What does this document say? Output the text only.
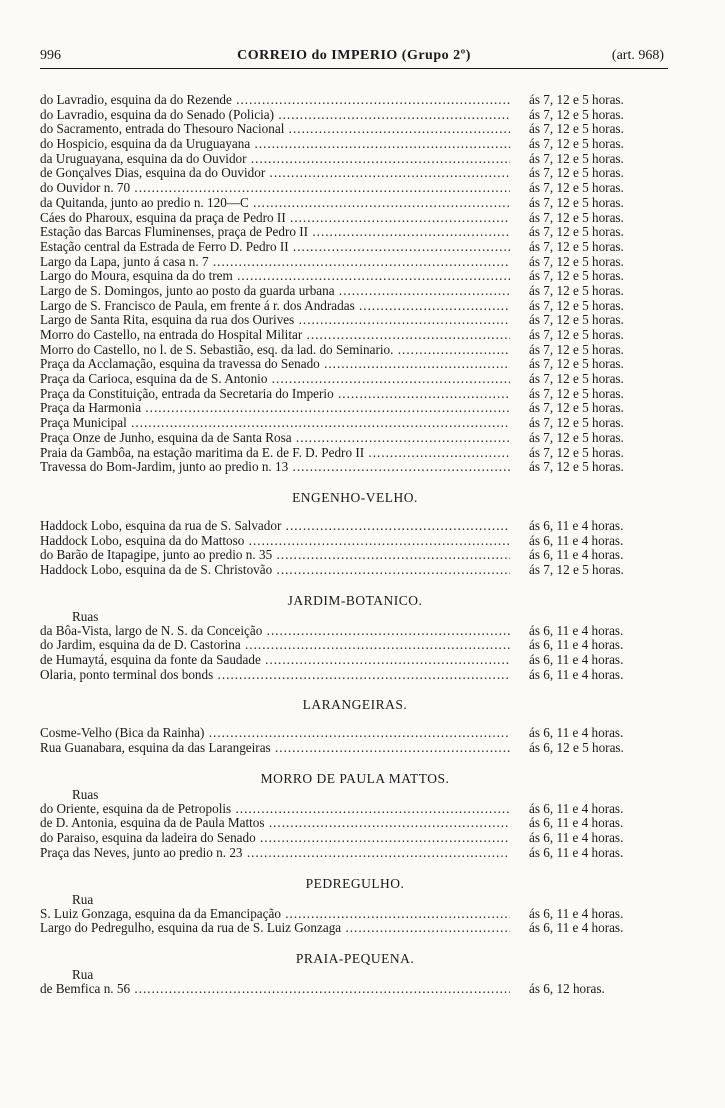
996	CORREIO do IMPERIO (Grupo 2º)	(art. 968)
do Lavradio, esquina da do Rezende .....	ás 7, 12 e 5 horas.
do Lavradio, esquina da do Senado (Policia) .....	ás 7, 12 e 5 horas.
do Sacramento, entrada do Thesouro Nacional .....	ás 7, 12 e 5 horas.
do Hospicio, esquina da da Uruguayana .....	ás 7, 12 e 5 horas.
da Uruguayana, esquina da do Ouvidor .....	ás 7, 12 e 5 horas.
de Gonçalves Dias, esquina da do Ouvidor .....	ás 7, 12 e 5 horas.
do Ouvidor n. 70 .....	ás 7, 12 e 5 horas.
da Quitanda, junto ao predio n. 120—C .....	ás 7, 12 e 5 horas.
Cáes do Pharoux, esquina da praça de Pedro II .....	ás 7, 12 e 5 horas.
Estação das Barcas Fluminenses, praça de Pedro II .....	ás 7, 12 e 5 horas.
Estação central da Estrada de Ferro D. Pedro II .....	ás 7, 12 e 5 horas.
Largo da Lapa, junto á casa n. 7 .....	ás 7, 12 e 5 horas.
Largo do Moura, esquina da do trem .....	ás 7, 12 e 5 horas.
Largo de S. Domingos, junto ao posto da guarda urbana .....	ás 7, 12 e 5 horas.
Largo de S. Francisco de Paula, em frente á r. dos Andradas .....	ás 7, 12 e 5 horas.
Largo de Santa Rita, esquina da rua dos Ourives .....	ás 7, 12 e 5 horas.
Morro do Castello, na entrada do Hospital Militar .....	ás 7, 12 e 5 horas.
Morro do Castello, no l. de S. Sebastião, esq. da lad. do Seminario. .....	ás 7, 12 e 5 horas.
Praça da Acclamação, esquina da travessa do Senado .....	ás 7, 12 e 5 horas.
Praça da Carioca, esquina da de S. Antonio .....	ás 7, 12 e 5 horas.
Praça da Constituição, entrada da Secretaria do Imperio .....	ás 7, 12 e 5 horas.
Praça da Harmonia .....	ás 7, 12 e 5 horas.
Praça Municipal .....	ás 7, 12 e 5 horas.
Praça Onze de Junho, esquina da de Santa Rosa .....	ás 7, 12 e 5 horas.
Praia da Gambôa, na estação maritima da E. de F. D. Pedro II .....	ás 7, 12 e 5 horas.
Travessa do Bom-Jardim, junto ao predio n. 13 .....	ás 7, 12 e 5 horas.
ENGENHO-VELHO.
Haddock Lobo, esquina da rua de S. Salvador .....	ás 6, 11 e 4 horas.
Haddock Lobo, esquina da do Mattoso .....	ás 6, 11 e 4 horas.
do Barão de Itapagipe, junto ao predio n. 35 .....	ás 6, 11 e 4 horas.
Haddock Lobo, esquina da de S. Christovão .....	ás 7, 12 e 5 horas.
JARDIM-BOTANICO.
Ruas
da Bôa-Vista, largo de N. S. da Conceição .....	ás 6, 11 e 4 horas.
do Jardim, esquina da de D. Castorina .....	ás 6, 11 e 4 horas.
de Humaytá, esquina da fonte da Saudade .....	ás 6, 11 e 4 horas.
Olaria, ponto terminal dos bonds .....	ás 6, 11 e 4 horas.
LARANGEIRAS.
Cosme-Velho (Bica da Rainha) .....	ás 6, 11 e 4 horas.
Rua Guanabara, esquina da das Larangeiras .....	ás 6, 12 e 5 horas.
MORRO DE PAULA MATTOS.
Ruas
do Oriente, esquina da de Petropolis .....	ás 6, 11 e 4 horas.
de D. Antonia, esquina da de Paula Mattos .....	ás 6, 11 e 4 horas.
do Paraiso, esquina da ladeira do Senado .....	ás 6, 11 e 4 horas.
Praça das Neves, junto ao predio n. 23 .....	ás 6, 11 e 4 horas.
PEDREGULHO.
Rua
S. Luiz Gonzaga, esquina da da Emancipação .....	ás 6, 11 e 4 horas.
Largo do Pedregulho, esquina da rua de S. Luiz Gonzaga .....	ás 6, 11 e 4 horas.
PRAIA-PEQUENA.
Rua
de Bemfica n. 56 .....	ás 6, 12 horas.
